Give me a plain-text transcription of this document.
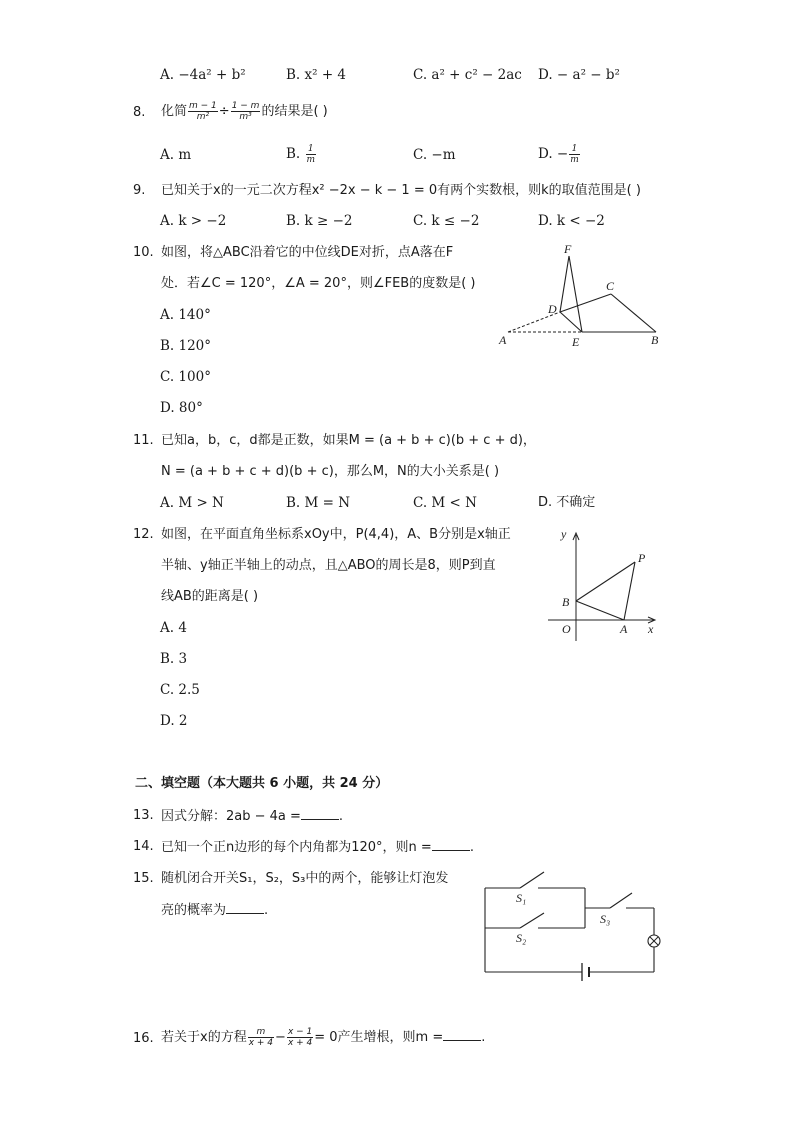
A. −4a² + b²	B. x² + 4	C. a² + c² − 2ac D. − a² − b²
8. 化简 $\frac{m - 1}{\text{m²}} \div \frac{1 - m}{\text{m³}}$ 的结果是( )
A. m	B. $\frac{1}{m}$	C. −m	D. − $\frac{1}{m}$
9. 已知关于x的一元二次方程x² −2x − k − 1 = 0有两个实数根，则k的取值范围是( )
A. k > −2	B. k ≥ −2	C. k ≤ −2	D. k < −2
10. 如图，将△ABC沿着它的中位线DE对折，点A落在F
处．若∠C = 120°，∠A = 20°，则∠FEB的度数是( )
A. 140°
B. 120°
C. 100°
D. 80°
F
C
D
A	E	B
11. 已知a，b，c，d都是正数，如果M = (a + b + c)(b + c + d)，
N = (a + b + c + d)(b + c)，那么M，N的大小关系是( )
A. M > N	B. M = N	C. M < N	D. 不确定
12. 如图，在平面直角坐标系xOy中，P(4,4)，A、B分别是x轴正
半轴、y轴正半轴上的动点，且△ABO的周长是8，则P到直
线AB的距离是( )
A. 4
B. 3
C. 2.5
D. 2
y
P
B
O	A x
二、填空题（本大题共 6 小题，共 24 分）
13. 因式分解：2ab − 4a =	.
14. 已知一个正n边形的每个内角都为120°，则n =	.
15. 随机闭合开关S₁，S₂，S₃中的两个，能够让灯泡发
亮的概率为	.
S₁
S₂
S₃
16. 若关于x的方程 $\frac{m}{x + 4} - \frac{x - 1}{x + 4} = 0$产生增根，则m =	.
